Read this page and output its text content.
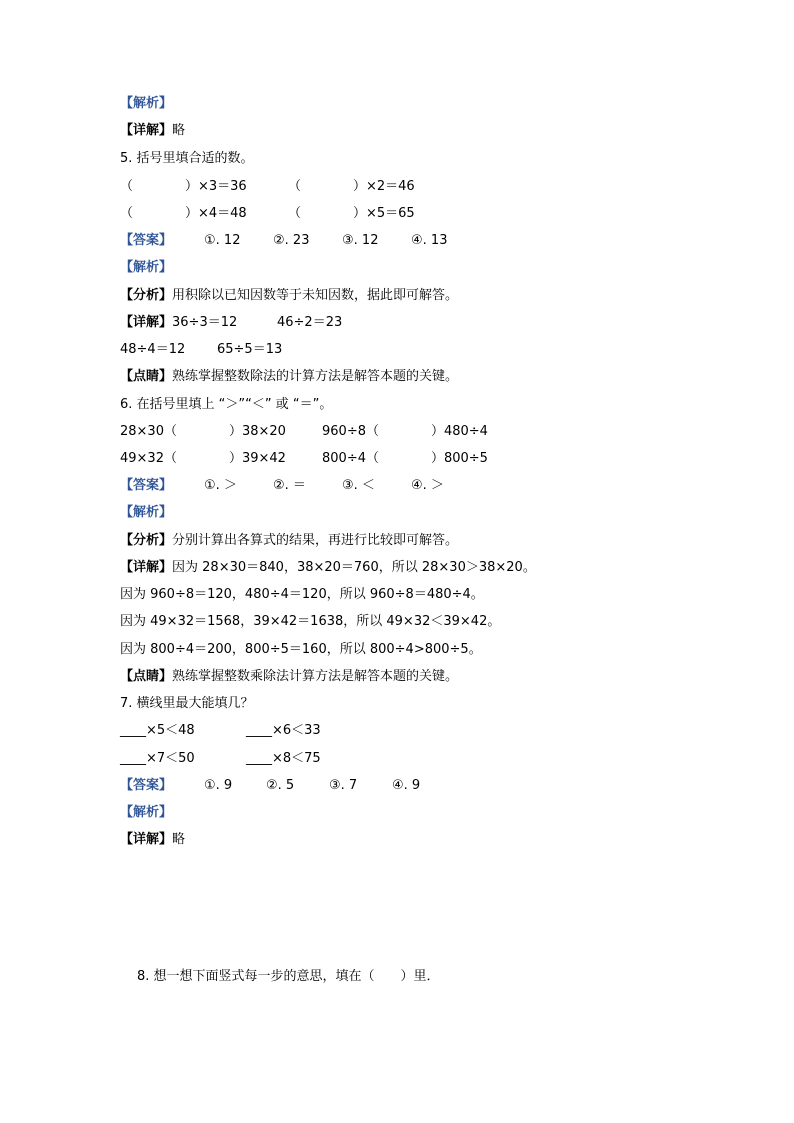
【解析】
【详解】略
5. 括号里填合适的数。
（　　　　）×3＝36	（　　　　）×2＝46
（　　　　）×4＝48	（　　　　）×5＝65
【答案】 ①. 12	②. 23	③. 12	④. 13
【解析】
【分析】用积除以已知因数等于未知因数，据此即可解答。
【详解】36÷3＝12	46÷2＝23
48÷4＝12 65÷5＝13
【点睛】熟练掌握整数除法的计算方法是解答本题的关键。
6. 在括号里填上 “＞”“＜” 或 “＝”。
28×30（　　　　）38×20	960÷8（　　　　）480÷4
49×32（　　　　）39×42	800÷4（　　　　）800÷5
【答案】 ①. ＞	②. ＝	③. ＜	④. ＞
【解析】
【分析】分别计算出各算式的结果，再进行比较即可解答。
【详解】因为 28×30＝840，38×20＝760，所以 28×30＞38×20。
因为 960÷8＝120，480÷4＝120，所以 960÷8＝480÷4。
因为 49×32＝1568，39×42＝1638，所以 49×32＜39×42。
因为 800÷4＝200，800÷5＝160，所以 800÷4>800÷5。
【点睛】熟练掌握整数乘除法计算方法是解答本题的关键。
7. 横线里最大能填几？
____×5＜48	____×6＜33
____×7＜50	____×8＜75
【答案】 ①. 9	②. 5	③. 7	④. 9
【解析】
【详解】略
8. 想一想下面竖式每一步的意思，填在（　　）里．
